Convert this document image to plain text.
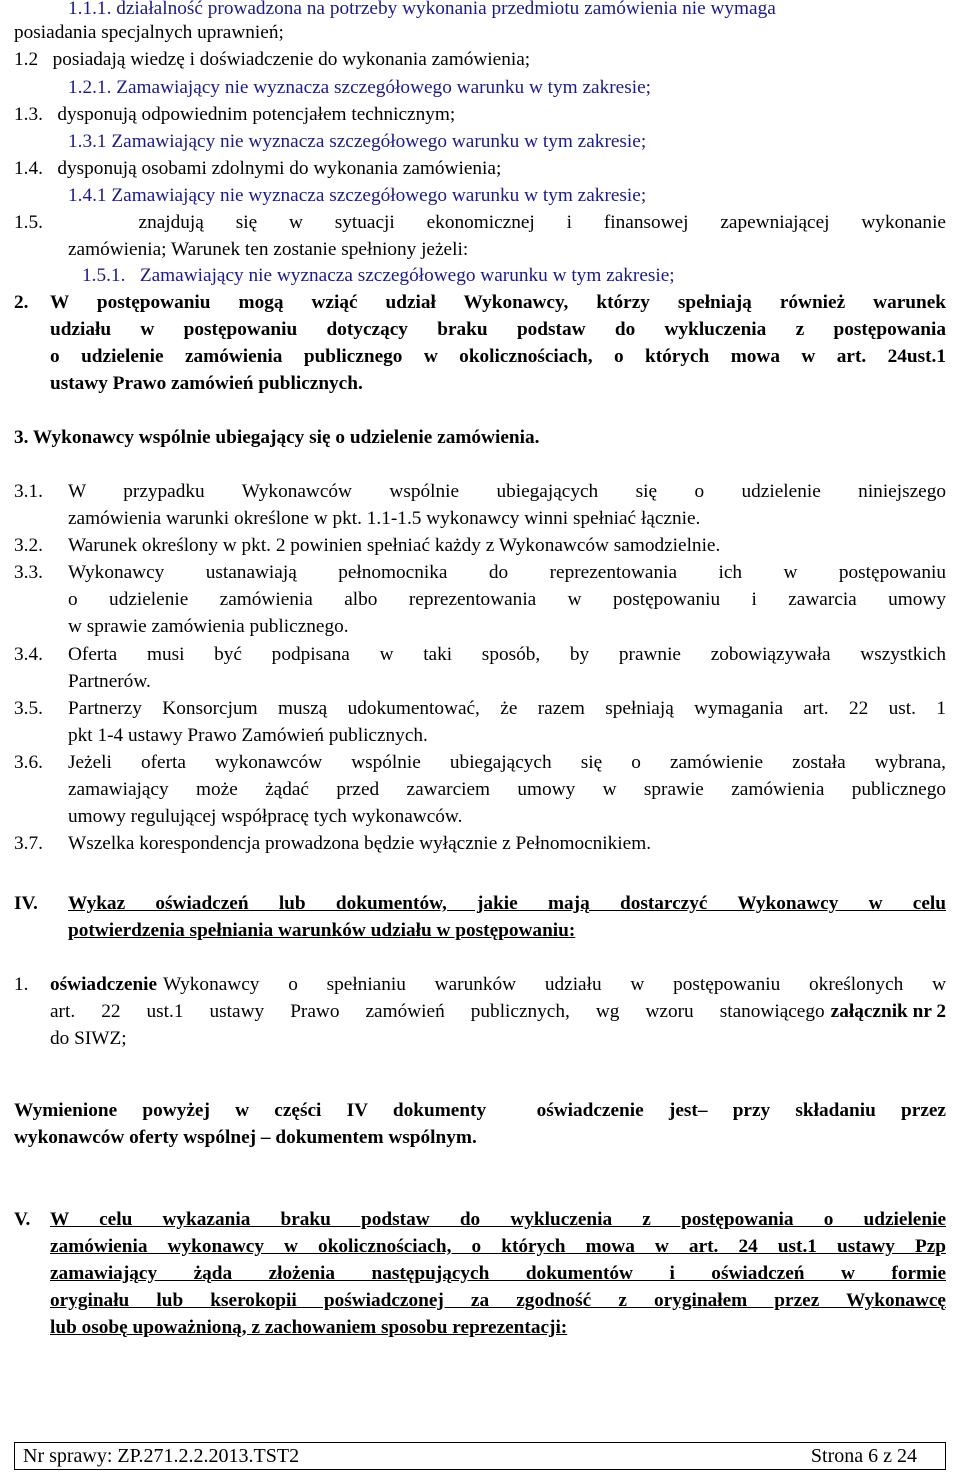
1.1.1. działalność prowadzona na potrzeby wykonania przedmiotu zamówienia nie wymaga
posiadania specjalnych uprawnień;
1.2   posiadają wiedzę i doświadczenie do wykonania zamówienia;
1.2.1. Zamawiający nie wyznacza szczegółowego warunku w tym zakresie;
1.3.   dysponują odpowiednim potencjałem technicznym;
1.3.1 Zamawiający nie wyznacza szczegółowego warunku w tym zakresie;
1.4.   dysponują osobami zdolnymi do wykonania zamówienia;
1.4.1 Zamawiający nie wyznacza szczegółowego warunku w tym zakresie;
1.5.   znajdują się w sytuacji ekonomicznej i finansowej zapewniającej wykonanie
zamówienia; Warunek ten zostanie spełniony jeżeli:
1.5.1.   Zamawiający nie wyznacza szczegółowego warunku w tym zakresie;
2. W postępowaniu mogą wziąć udział Wykonawcy, którzy spełniają również warunek
udziału w postępowaniu dotyczący braku podstaw do wykluczenia z postępowania
o udzielenie zamówienia publicznego w okolicznościach, o których mowa w art. 24ust.1
ustawy Prawo zamówień publicznych.
3. Wykonawcy wspólnie ubiegający się o udzielenie zamówienia.
3.1. W przypadku Wykonawców wspólnie ubiegających się o udzielenie niniejszego
zamówienia warunki określone w pkt. 1.1-1.5 wykonawcy winni spełniać łącznie.
3.2. Warunek określony w pkt. 2 powinien spełniać każdy z Wykonawców samodzielnie.
3.3. Wykonawcy ustanawiają pełnomocnika do reprezentowania ich w postępowaniu
o udzielenie zamówienia albo reprezentowania w postępowaniu i zawarcia umowy
w sprawie zamówienia publicznego.
3.4. Oferta musi być podpisana w taki sposób, by prawnie zobowiązywała wszystkich
Partnerów.
3.5. Partnerzy Konsorcjum muszą udokumentować, że razem spełniają wymagania art. 22 ust. 1
pkt 1-4 ustawy Prawo Zamówień publicznych.
3.6. Jeżeli oferta wykonawców wspólnie ubiegających się o zamówienie została wybrana,
zamawiający może żądać przed zawarciem umowy w sprawie zamówienia publicznego
umowy regulującej współpracę tych wykonawców.
3.7. Wszelka korespondencja prowadzona będzie wyłącznie z Pełnomocnikiem.
IV. Wykaz oświadczeń lub dokumentów, jakie mają dostarczyć Wykonawcy w celu
potwierdzenia spełniania warunków udziału w postępowaniu:
1. oświadczenie Wykonawcy o spełnianiu warunków udziału w postępowaniu określonych w
art. 22 ust.1 ustawy Prawo zamówień publicznych, wg wzoru stanowiącego załącznik nr 2
do SIWZ;
Wymienione powyżej w części IV dokumenty  oświadczenie jest– przy składaniu przez
wykonawców oferty wspólnej – dokumentem wspólnym.
V. W celu wykazania braku podstaw do wykluczenia z postępowania o udzielenie
zamówienia wykonawcy w okolicznościach, o których mowa w art. 24 ust.1 ustawy Pzp
zamawiający żąda złożenia następujących dokumentów i oświadczeń w formie
oryginału lub kserokopii poświadczonej za zgodność z oryginałem przez Wykonawcę
lub osobę upoważnioną, z zachowaniem sposobu reprezentacji:
Nr sprawy: ZP.271.2.2.2013.TST2	Strona 6 z 24
